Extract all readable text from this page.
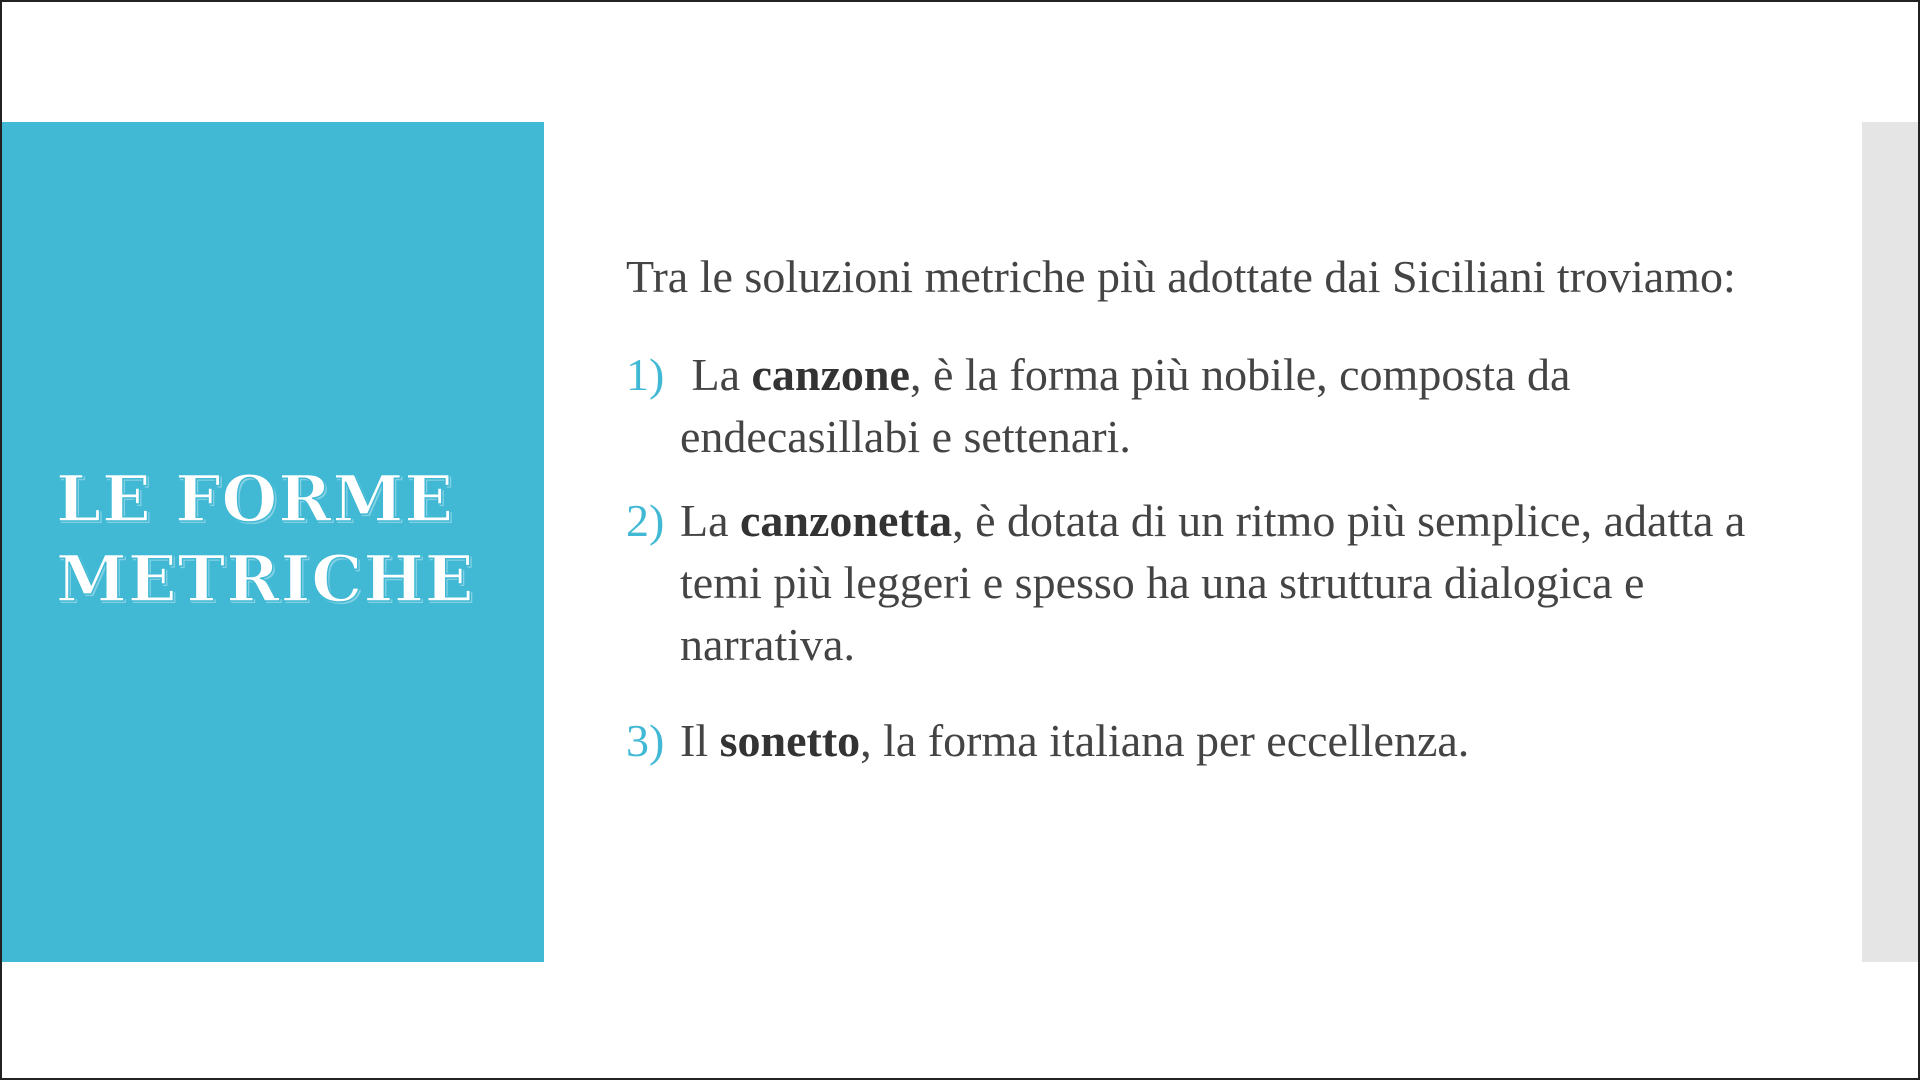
LE FORME
METRICHE

Tra le soluzioni metriche più adottate dai Siciliani troviamo:

1) La canzone, è la forma più nobile, composta da endecasillabi e settenari.
2) La canzonetta, è dotata di un ritmo più semplice, adatta a temi più leggeri e spesso ha una struttura dialogica e narrativa.
3) Il sonetto, la forma italiana per eccellenza.
